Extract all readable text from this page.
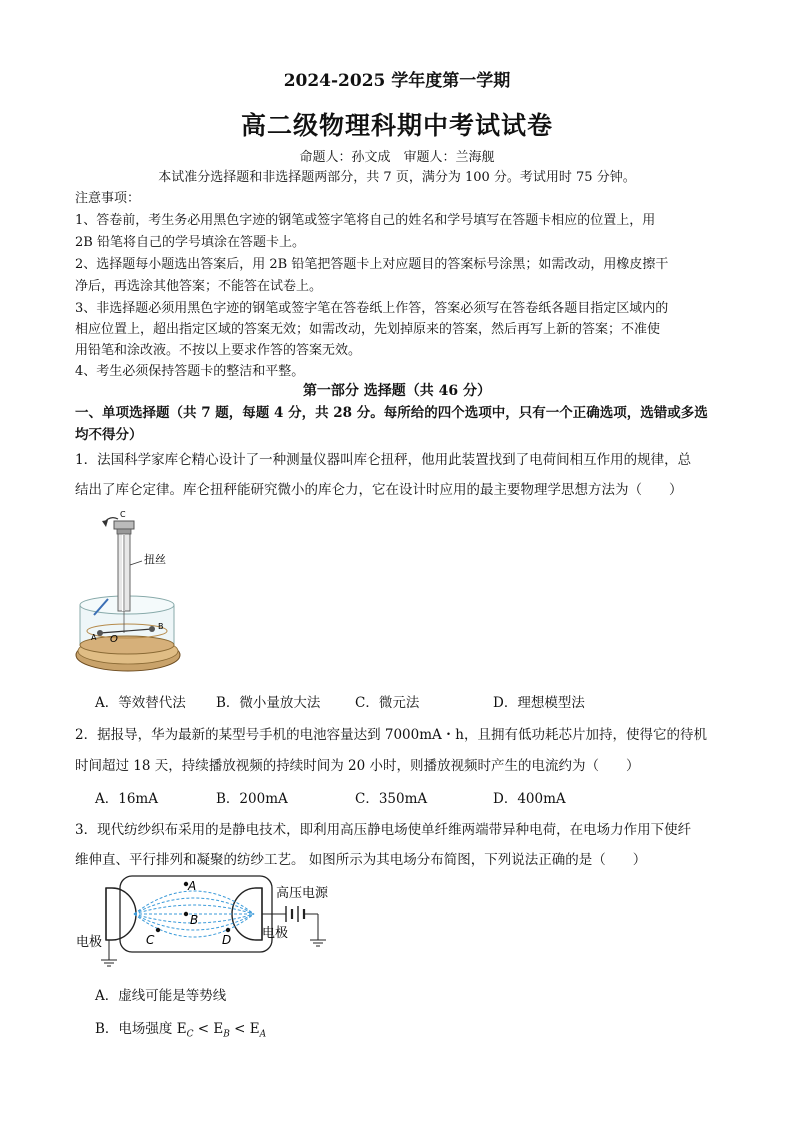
2024-2025 学年度第一学期
高二级物理科期中考试试卷
命题人：孙文成　审题人：兰海舰
本试准分选择题和非选择题两部分，共 7 页，满分为 100 分。考试用时 75 分钟。
注意事项：
1、答卷前，考生务必用黑色字迹的钢笔或签字笔将自己的姓名和学号填写在答题卡相应的位置上，用
2B 铅笔将自己的学号填涂在答题卡上。
2、选择题每小题选出答案后，用 2B 铅笔把答题卡上对应题目的答案标号涂黑；如需改动，用橡皮擦干
净后，再选涂其他答案；不能答在试卷上。
3、非选择题必须用黑色字迹的钢笔或签字笔在答卷纸上作答，答案必须写在答卷纸各题目指定区域内的
相应位置上，超出指定区域的答案无效；如需改动，先划掉原来的答案，然后再写上新的答案；不准使
用铅笔和涂改液。不按以上要求作答的答案无效。
4、考生必须保持答题卡的整洁和平整。
第一部分 选择题（共 46 分）
一、单项选择题（共 7 题，每题 4 分，共 28 分。每所给的四个选项中，只有一个正确选项，选错或多选
均不得分）
1．法国科学家库仑精心设计了一种测量仪器叫库仑扭秤，他用此装置找到了电荷间相互作用的规律，总
结出了库仑定律。库仑扭秤能研究微小的库仑力，它在设计时应用的最主要物理学思想方法为（　　）
C
扭丝
A O
B
A．等效替代法 B．微小量放大法	C．微元法	D．理想模型法
2．据报导，华为最新的某型号手机的电池容量达到 7000mA・h，且拥有低功耗芯片加持，使得它的待机
时间超过 18 天，持续播放视频的持续时间为 20 小时，则播放视频时产生的电流约为（　　）
A．16mA	B．200mA	C．350mA	D．400mA
3．现代纺纱织布采用的是静电技术，即利用高压静电场使单纤维两端带异种电荷，在电场力作用下使纤
维伸直、平行排列和凝聚的纺纱工艺。 如图所示为其电场分布简图，下列说法正确的是（　　）
A
B
C	D
高压电源
电极
电极
A．虚线可能是等势线
B．电场强度 $E_C < E_B < E_A$
